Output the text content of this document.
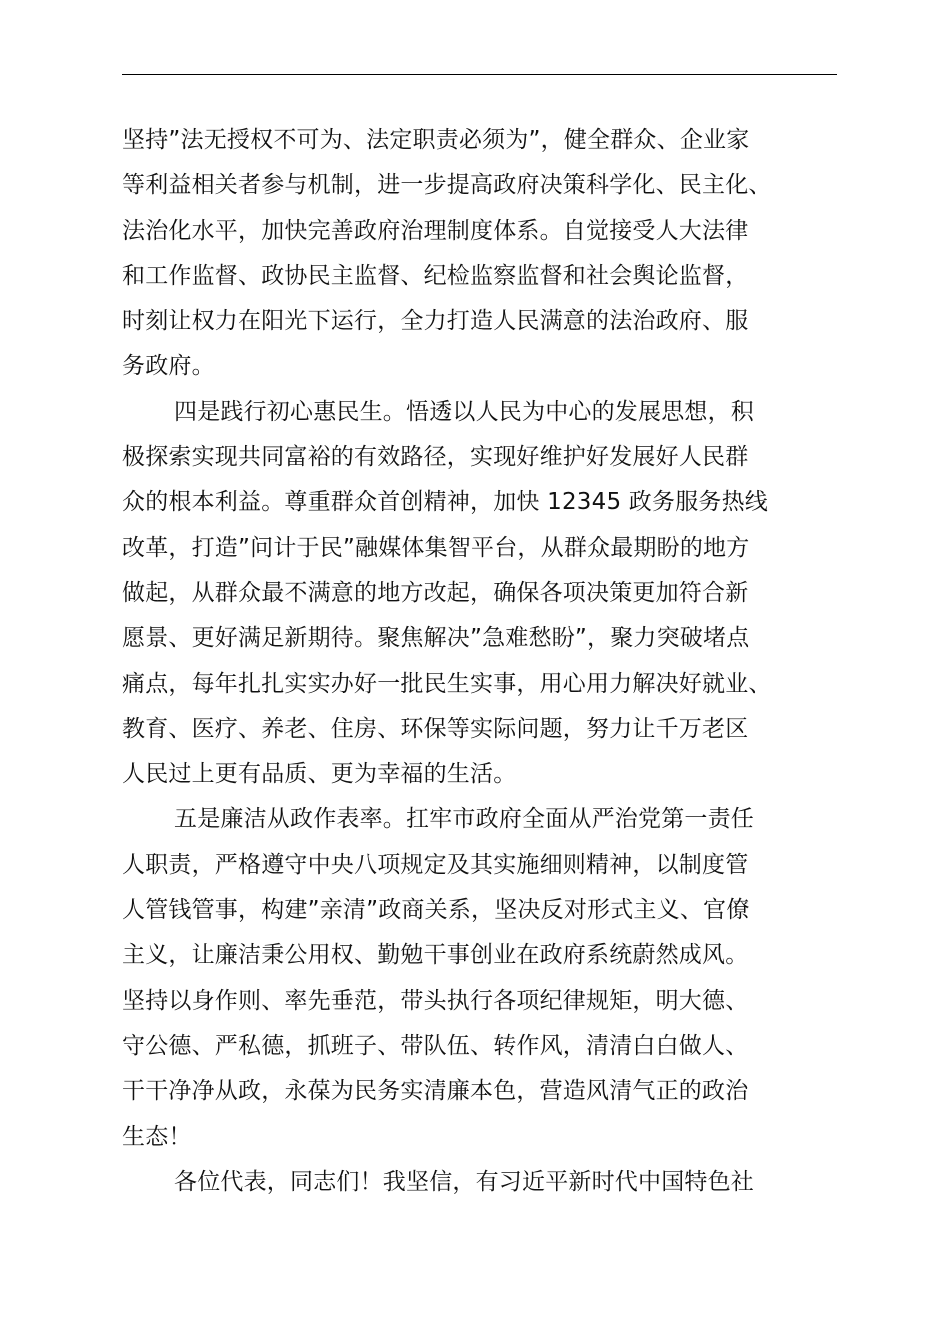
坚持”法无授权不可为、法定职责必须为”，健全群众、企业家
等利益相关者参与机制，进一步提高政府决策科学化、民主化、
法治化水平，加快完善政府治理制度体系。自觉接受人大法律
和工作监督、政协民主监督、纪检监察监督和社会舆论监督，
时刻让权力在阳光下运行，全力打造人民满意的法治政府、服
务政府。
四是践行初心惠民生。悟透以人民为中心的发展思想，积
极探索实现共同富裕的有效路径，实现好维护好发展好人民群
众的根本利益。尊重群众首创精神，加快 12345 政务服务热线
改革，打造”问计于民”融媒体集智平台，从群众最期盼的地方
做起，从群众最不满意的地方改起，确保各项决策更加符合新
愿景、更好满足新期待。聚焦解决”急难愁盼”，聚力突破堵点
痛点，每年扎扎实实办好一批民生实事，用心用力解决好就业、
教育、医疗、养老、住房、环保等实际问题，努力让千万老区
人民过上更有品质、更为幸福的生活。
五是廉洁从政作表率。扛牢市政府全面从严治党第一责任
人职责，严格遵守中央八项规定及其实施细则精神，以制度管
人管钱管事，构建”亲清”政商关系，坚决反对形式主义、官僚
主义，让廉洁秉公用权、勤勉干事创业在政府系统蔚然成风。
坚持以身作则、率先垂范，带头执行各项纪律规矩，明大德、
守公德、严私德，抓班子、带队伍、转作风，清清白白做人、
干干净净从政，永葆为民务实清廉本色，营造风清气正的政治
生态！
各位代表，同志们！我坚信，有习近平新时代中国特色社
